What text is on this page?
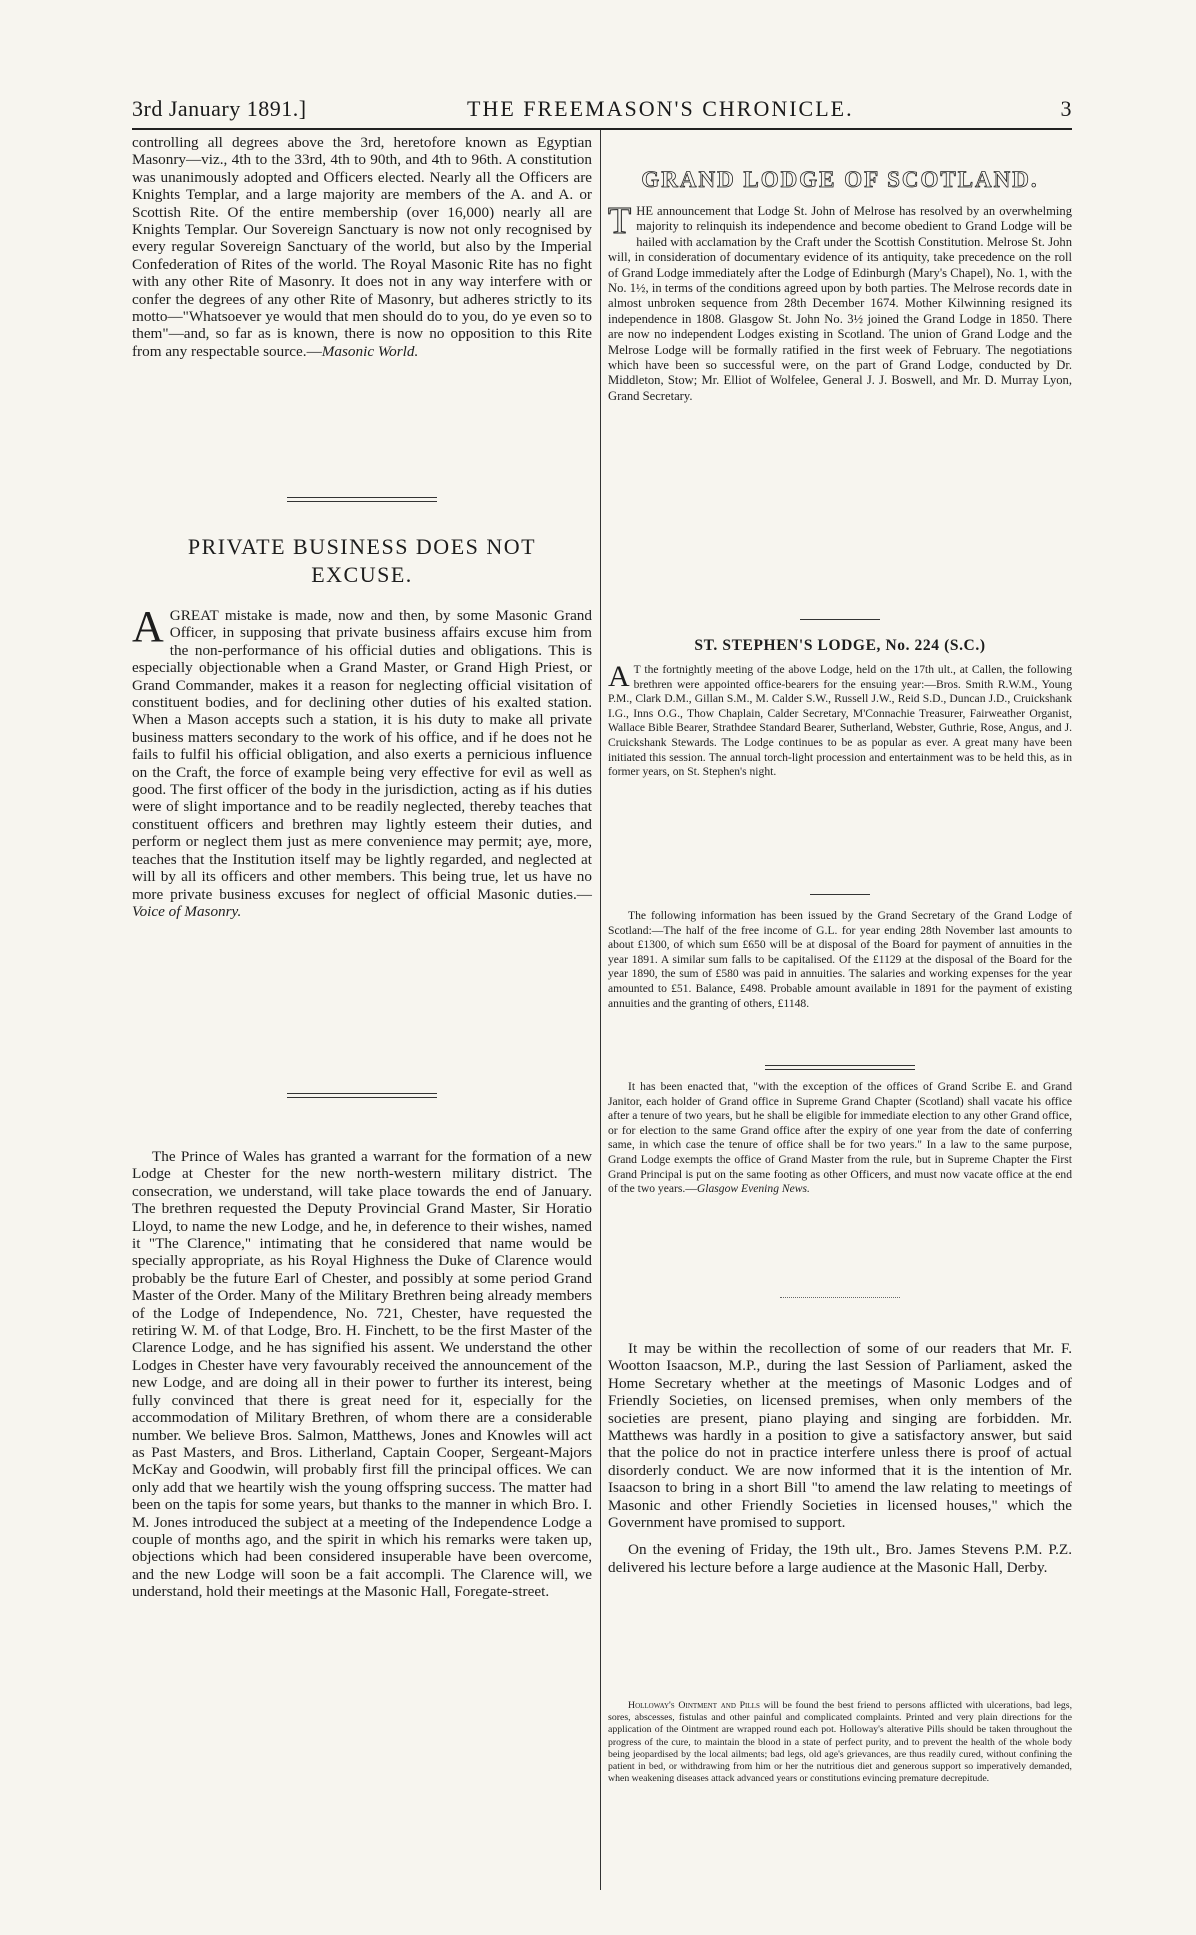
3rd January 1891.]	THE FREEMASON'S CHRONICLE.	3

controlling all degrees above the 3rd, heretofore known as Egyptian Masonry—viz., 4th to the 33rd, 4th to 90th, and 4th to 96th. A constitution was unanimously adopted and Officers elected. Nearly all the Officers are Knights Templar, and a large majority are members of the A. and A. or Scottish Rite. Of the entire membership (over 16,000) nearly all are Knights Templar. Our Sovereign Sanctuary is now not only recognised by every regular Sovereign Sanctuary of the world, but also by the Imperial Confederation of Rites of the world. The Royal Masonic Rite has no fight with any other Rite of Masonry. It does not in any way interfere with or confer the degrees of any other Rite of Masonry, but adheres strictly to its motto—"Whatsoever ye would that men should do to you, do ye even so to them"—and, so far as is known, there is now no opposition to this Rite from any respectable source.—Masonic World.

PRIVATE BUSINESS DOES NOT
EXCUSE.

AGREAT mistake is made, now and then, by some Masonic Grand Officer, in supposing that private business affairs excuse him from the non-performance of his official duties and obligations. This is especially objectionable when a Grand Master, or Grand High Priest, or Grand Commander, makes it a reason for neglecting official visitation of constituent bodies, and for declining other duties of his exalted station. When a Mason accepts such a station, it is his duty to make all private business matters secondary to the work of his office, and if he does not he fails to fulfil his official obligation, and also exerts a pernicious influence on the Craft, the force of example being very effective for evil as well as good. The first officer of the body in the jurisdiction, acting as if his duties were of slight importance and to be readily neglected, thereby teaches that constituent officers and brethren may lightly esteem their duties, and perform or neglect them just as mere convenience may permit; aye, more, teaches that the Institution itself may be lightly regarded, and neglected at will by all its officers and other members. This being true, let us have no more private business excuses for neglect of official Masonic duties.—Voice of Masonry.

The Prince of Wales has granted a warrant for the formation of a new Lodge at Chester for the new north-western military district. The consecration, we understand, will take place towards the end of January. The brethren requested the Deputy Provincial Grand Master, Sir Horatio Lloyd, to name the new Lodge, and he, in deference to their wishes, named it "The Clarence," intimating that he considered that name would be specially appropriate, as his Royal Highness the Duke of Clarence would probably be the future Earl of Chester, and possibly at some period Grand Master of the Order. Many of the Military Brethren being already members of the Lodge of Independence, No. 721, Chester, have requested the retiring W. M. of that Lodge, Bro. H. Finchett, to be the first Master of the Clarence Lodge, and he has signified his assent. We understand the other Lodges in Chester have very favourably received the announcement of the new Lodge, and are doing all in their power to further its interest, being fully convinced that there is great need for it, especially for the accommodation of Military Brethren, of whom there are a considerable number. We believe Bros. Salmon, Matthews, Jones and Knowles will act as Past Masters, and Bros. Litherland, Captain Cooper, Sergeant-Majors McKay and Goodwin, will probably first fill the principal offices. We can only add that we heartily wish the young offspring success. The matter had been on the tapis for some years, but thanks to the manner in which Bro. I. M. Jones introduced the subject at a meeting of the Independence Lodge a couple of months ago, and the spirit in which his remarks were taken up, objections which had been considered insuperable have been overcome, and the new Lodge will soon be a fait accompli. The Clarence will, we understand, hold their meetings at the Masonic Hall, Foregate-street.

GRAND LODGE OF SCOTLAND.

THE announcement that Lodge St. John of Melrose has resolved by an overwhelming majority to relinquish its independence and become obedient to Grand Lodge will be hailed with acclamation by the Craft under the Scottish Constitution. Melrose St. John will, in consideration of documentary evidence of its antiquity, take precedence on the roll of Grand Lodge immediately after the Lodge of Edinburgh (Mary's Chapel), No. 1, with the No. 1½, in terms of the conditions agreed upon by both parties. The Melrose records date in almost unbroken sequence from 28th December 1674. Mother Kilwinning resigned its independence in 1808. Glasgow St. John No. 3½ joined the Grand Lodge in 1850. There are now no independent Lodges existing in Scotland. The union of Grand Lodge and the Melrose Lodge will be formally ratified in the first week of February. The negotiations which have been so successful were, on the part of Grand Lodge, conducted by Dr. Middleton, Stow; Mr. Elliot of Wolfelee, General J. J. Boswell, and Mr. D. Murray Lyon, Grand Secretary.

ST. STEPHEN'S LODGE, No. 224 (S.C.)

A T the fortnightly meeting of the above Lodge, held on the 17th ult., at Callen, the following brethren were appointed office-bearers for the ensuing year:—Bros. Smith R.W.M., Young P.M., Clark D.M., Gillan S.M., M. Calder S.W., Russell J.W., Reid S.D., Duncan J.D., Cruickshank I.G., Inns O.G., Thow Chaplain, Calder Secretary, M'Connachie Treasurer, Fairweather Organist, Wallace Bible Bearer, Strathdee Standard Bearer, Sutherland, Webster, Guthrie, Rose, Angus, and J. Cruickshank Stewards. The Lodge continues to be as popular as ever. A great many have been initiated this session. The annual torch-light procession and entertainment was to be held this, as in former years, on St. Stephen's night.

The following information has been issued by the Grand Secretary of the Grand Lodge of Scotland:—The half of the free income of G.L. for year ending 28th November last amounts to about £1300, of which sum £650 will be at disposal of the Board for payment of annuities in the year 1891. A similar sum falls to be capitalised. Of the £1129 at the disposal of the Board for the year 1890, the sum of £580 was paid in annuities. The salaries and working expenses for the year amounted to £51. Balance, £498. Probable amount available in 1891 for the payment of existing annuities and the granting of others, £1148.

It has been enacted that, "with the exception of the offices of Grand Scribe E. and Grand Janitor, each holder of Grand office in Supreme Grand Chapter (Scotland) shall vacate his office after a tenure of two years, but he shall be eligible for immediate election to any other Grand office, or for election to the same Grand office after the expiry of one year from the date of conferring same, in which case the tenure of office shall be for two years." In a law to the same purpose, Grand Lodge exempts the office of Grand Master from the rule, but in Supreme Chapter the First Grand Principal is put on the same footing as other Officers, and must now vacate office at the end of the two years.—Glasgow Evening News.

It may be within the recollection of some of our readers that Mr. F. Wootton Isaacson, M.P., during the last Session of Parliament, asked the Home Secretary whether at the meetings of Masonic Lodges and of Friendly Societies, on licensed premises, when only members of the societies are present, piano playing and singing are forbidden. Mr. Matthews was hardly in a position to give a satisfactory answer, but said that the police do not in practice interfere unless there is proof of actual disorderly conduct. We are now informed that it is the intention of Mr. Isaacson to bring in a short Bill "to amend the law relating to meetings of Masonic and other Friendly Societies in licensed houses," which the Government have promised to support.

On the evening of Friday, the 19th ult., Bro. James Stevens P.M. P.Z. delivered his lecture before a large audience at the Masonic Hall, Derby.

Holloway's Ointment and Pills will be found the best friend to persons afflicted with ulcerations, bad legs, sores, abscesses, fistulas and other painful and complicated complaints. Printed and very plain directions for the application of the Ointment are wrapped round each pot. Holloway's alterative Pills should be taken throughout the progress of the cure, to maintain the blood in a state of perfect purity, and to prevent the health of the whole body being jeopardised by the local ailments; bad legs, old age's grievances, are thus readily cured, without confining the patient in bed, or withdrawing from him or her the nutritious diet and generous support so imperatively demanded, when weakening diseases attack advanced years or constitutions evincing premature decrepitude.
